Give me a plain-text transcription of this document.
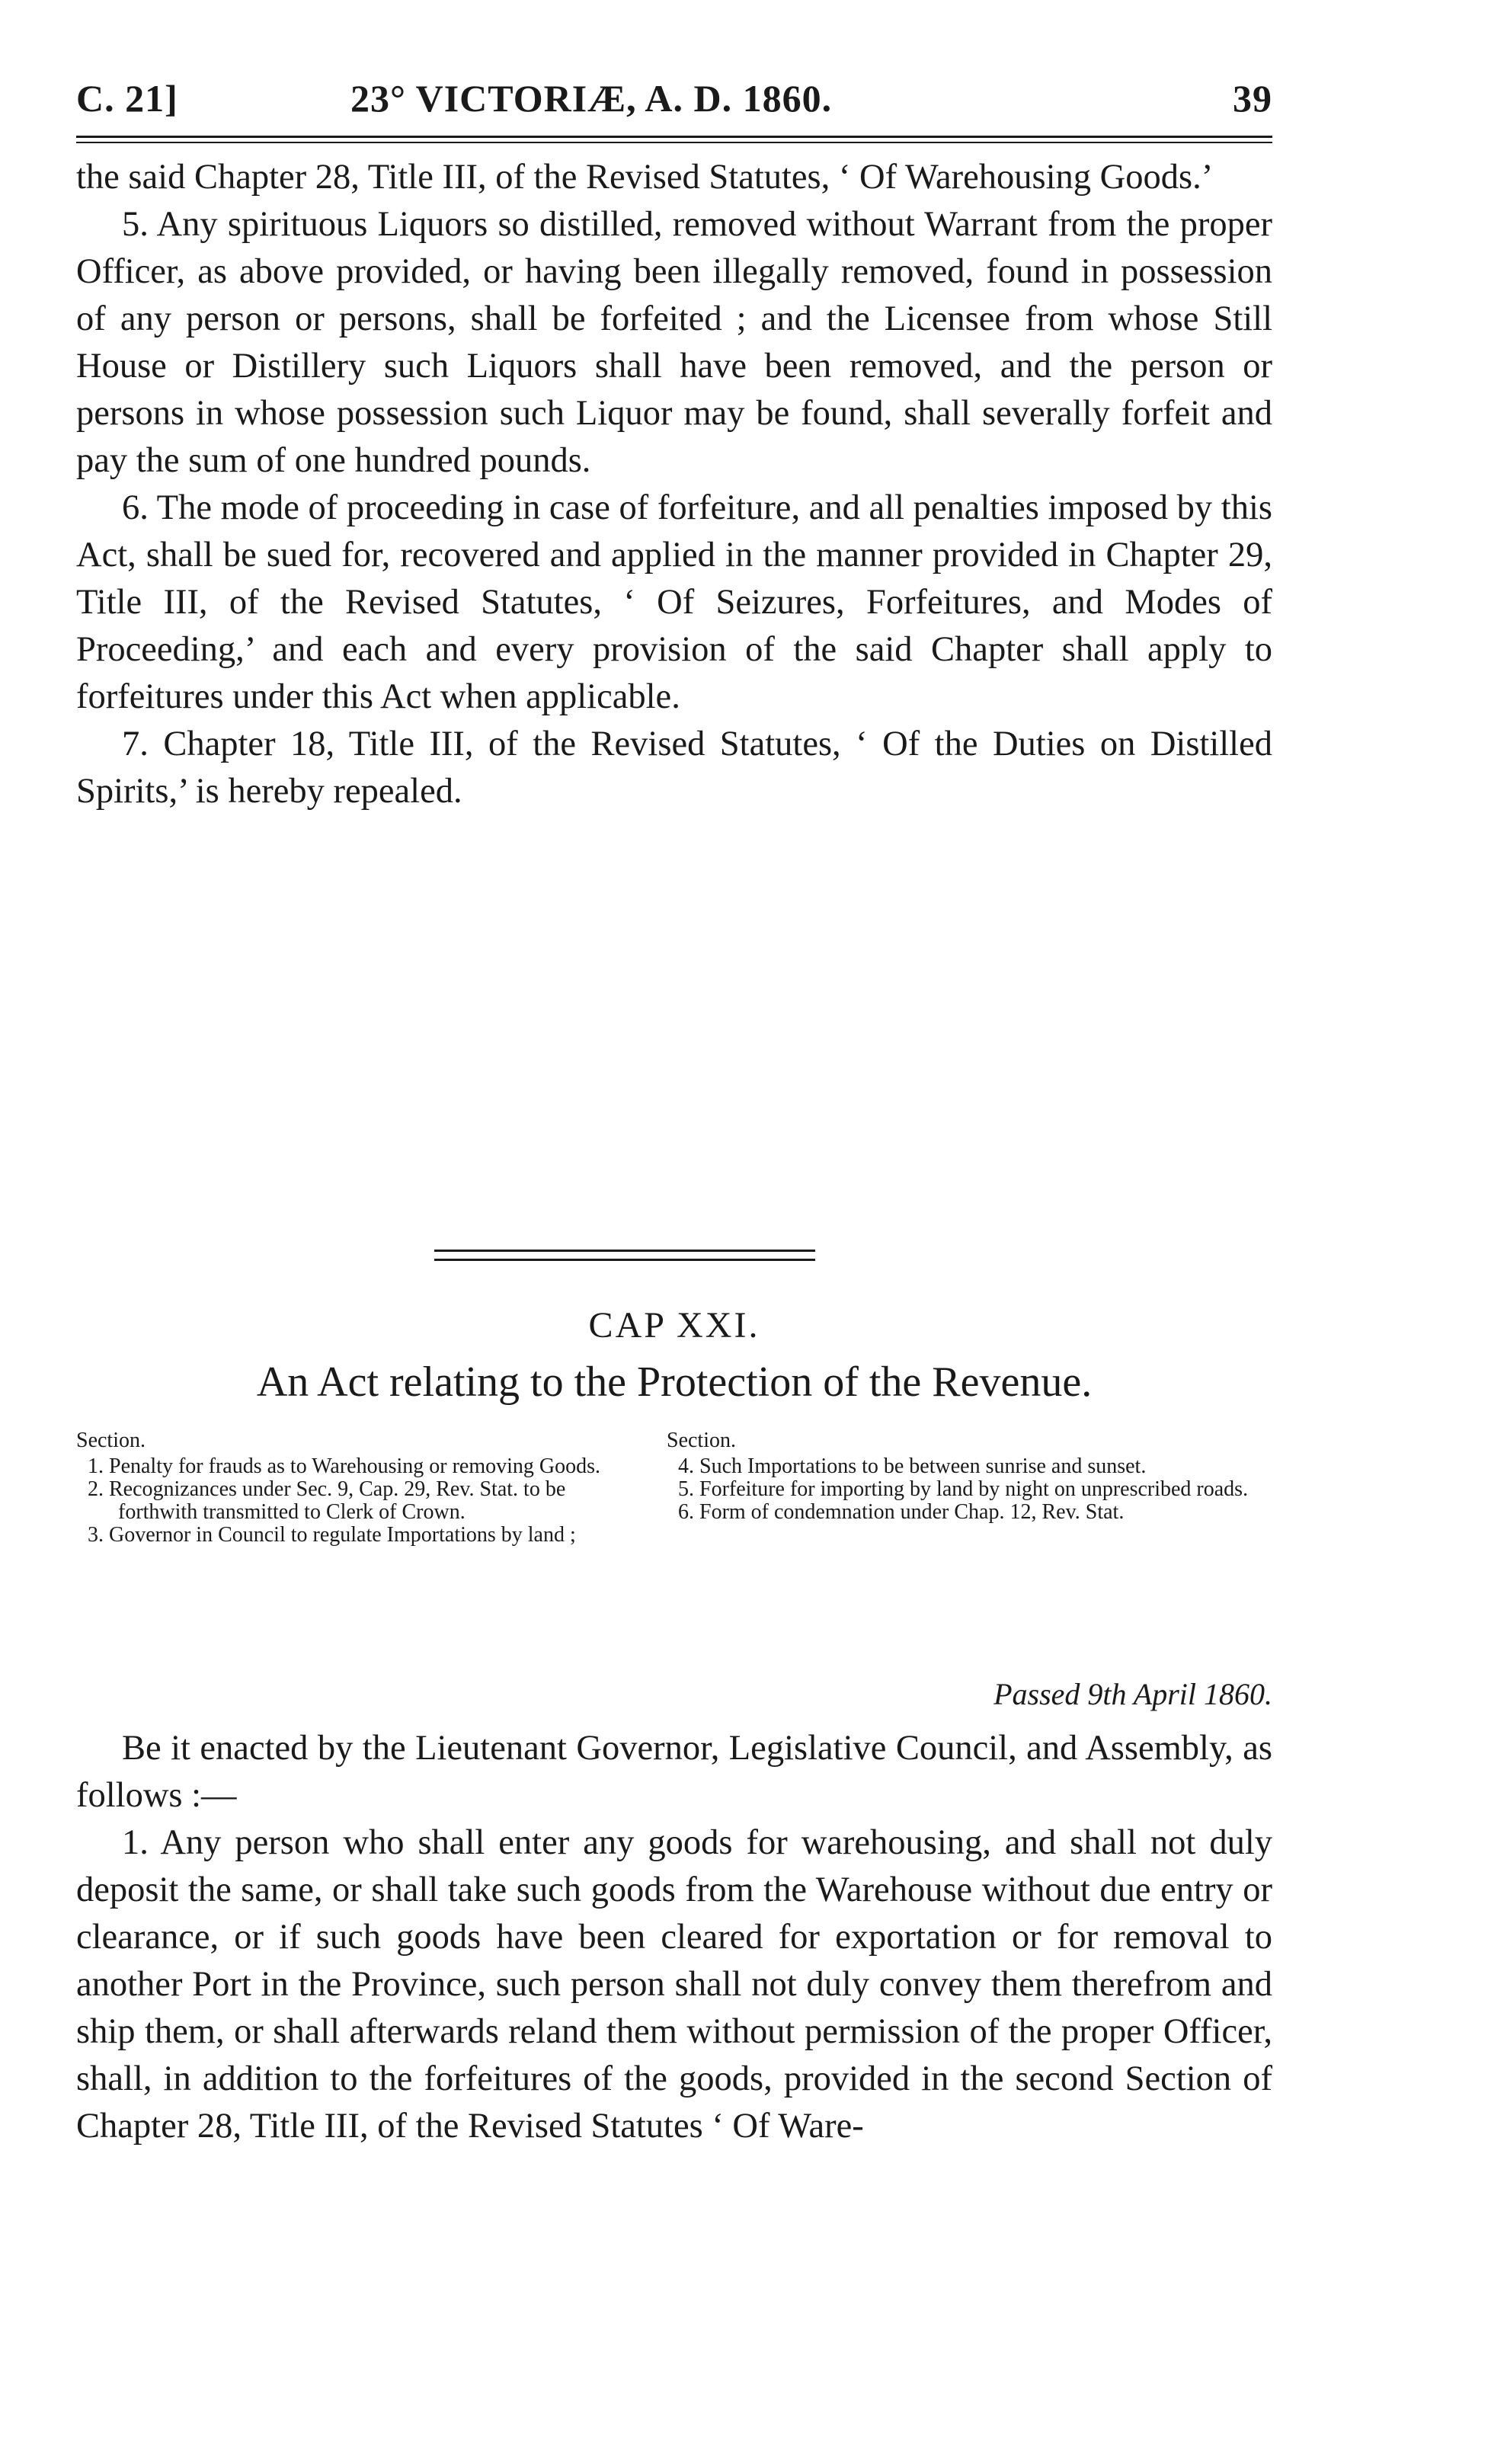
C. 21]	23° VICTORIÆ, A. D. 1860.	39

the said Chapter 28, Title III, of the Revised Statutes, ‘ Of Warehousing Goods.’

5. Any spirituous Liquors so distilled, removed without Warrant from the proper Officer, as above provided, or having been illegally removed, found in possession of any person or persons, shall be forfeited ; and the Licensee from whose Still House or Distillery such Liquors shall have been removed, and the person or persons in whose possession such Liquor may be found, shall severally forfeit and pay the sum of one hundred pounds.

6. The mode of proceeding in case of forfeiture, and all penalties imposed by this Act, shall be sued for, recovered and applied in the manner provided in Chapter 29, Title III, of the Revised Statutes, ‘ Of Seizures, Forfeitures, and Modes of Proceeding,’ and each and every provision of the said Chapter shall apply to forfeitures under this Act when applicable.

7. Chapter 18, Title III, of the Revised Statutes, ‘ Of the Duties on Distilled Spirits,’ is hereby repealed.

CAP XXI.
An Act relating to the Protection of the Revenue.

Section.

1. Penalty for frauds as to Warehousing or removing Goods.

2. Recognizances under Sec. 9, Cap. 29, Rev. Stat. to be forthwith transmitted to Clerk of Crown.

3. Governor in Council to regulate Importations by land ;

Section.

4. Such Importations to be between sunrise and sunset.

5. Forfeiture for importing by land by night on unprescribed roads.

6. Form of condemnation under Chap. 12, Rev. Stat.

Passed 9th April 1860.

Be it enacted by the Lieutenant Governor, Legislative Council, and Assembly, as follows :—

1. Any person who shall enter any goods for warehousing, and shall not duly deposit the same, or shall take such goods from the Warehouse without due entry or clearance, or if such goods have been cleared for exportation or for removal to another Port in the Province, such person shall not duly convey them therefrom and ship them, or shall afterwards reland them without permission of the proper Officer, shall, in addition to the forfeitures of the goods, provided in the second Section of Chapter 28, Title III, of the Revised Statutes ‘ Of Ware-
